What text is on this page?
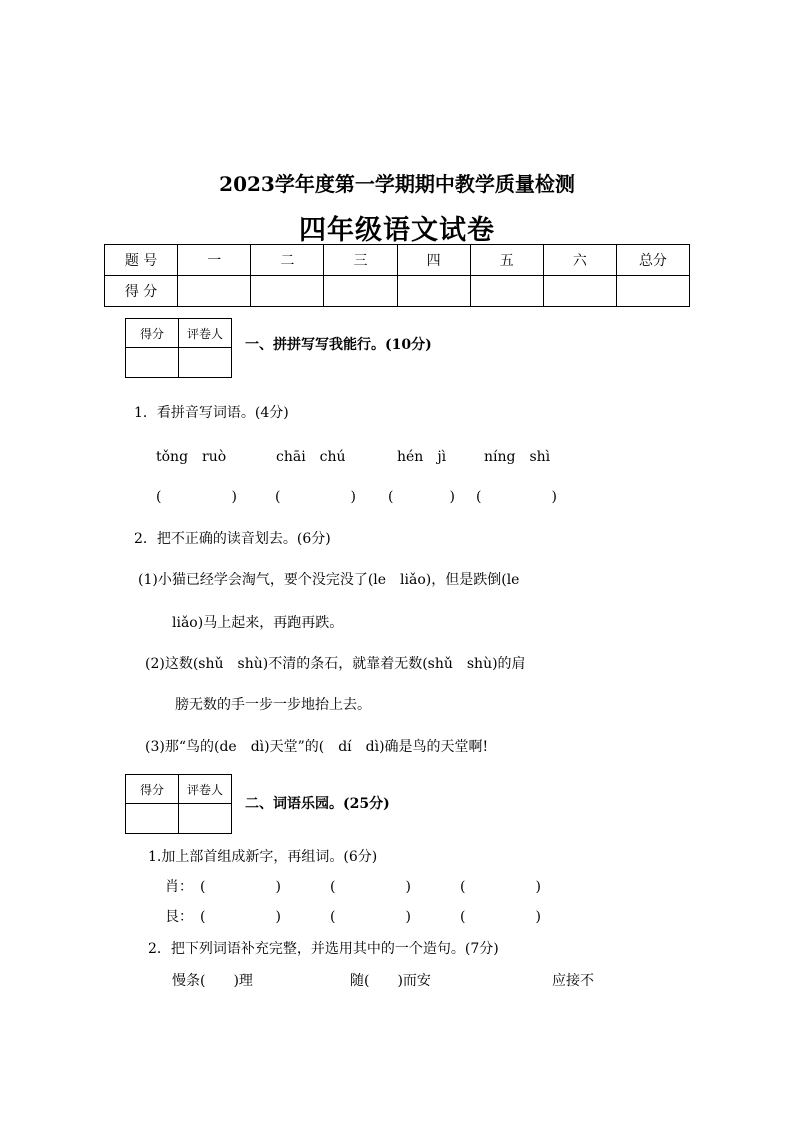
2023学年度第一学期期中教学质量检测
四年级语文试卷
题 号	一	二	三	四	五	六	总分
得 分							
得分	评卷人

一、拼拼写写我能行。(10分)
1．看拼音写词语。(4分)
tǒng　ruò	chāi　chú	hén　jì	níng　shì
(　　　　　)	(　　　　　) (　　　　) (　　　　　)
2．把不正确的读音划去。(6分)
(1)小猫已经学会淘气，要个没完没了(le　liǎo)，但是跌倒(le
liǎo)马上起来，再跑再跌。
(2)这数(shǔ　shù)不清的条石，就靠着无数(shǔ　shù)的肩
膀无数的手一步一步地抬上去。
(3)那“鸟的(de　dì)天堂”的(　dí　dì)确是鸟的天堂啊!
得分	评卷人

二、词语乐园。(25分)
1.加上部首组成新字，再组词。(6分)
肖： (　　　　　)	(　　　　　)	(　　　　　)
艮： (　　　　　)	(　　　　　)	(　　　　　)
2．把下列词语补充完整，并选用其中的一个造句。(7分)
慢条(　　)理	随(　　)而安	应接不
